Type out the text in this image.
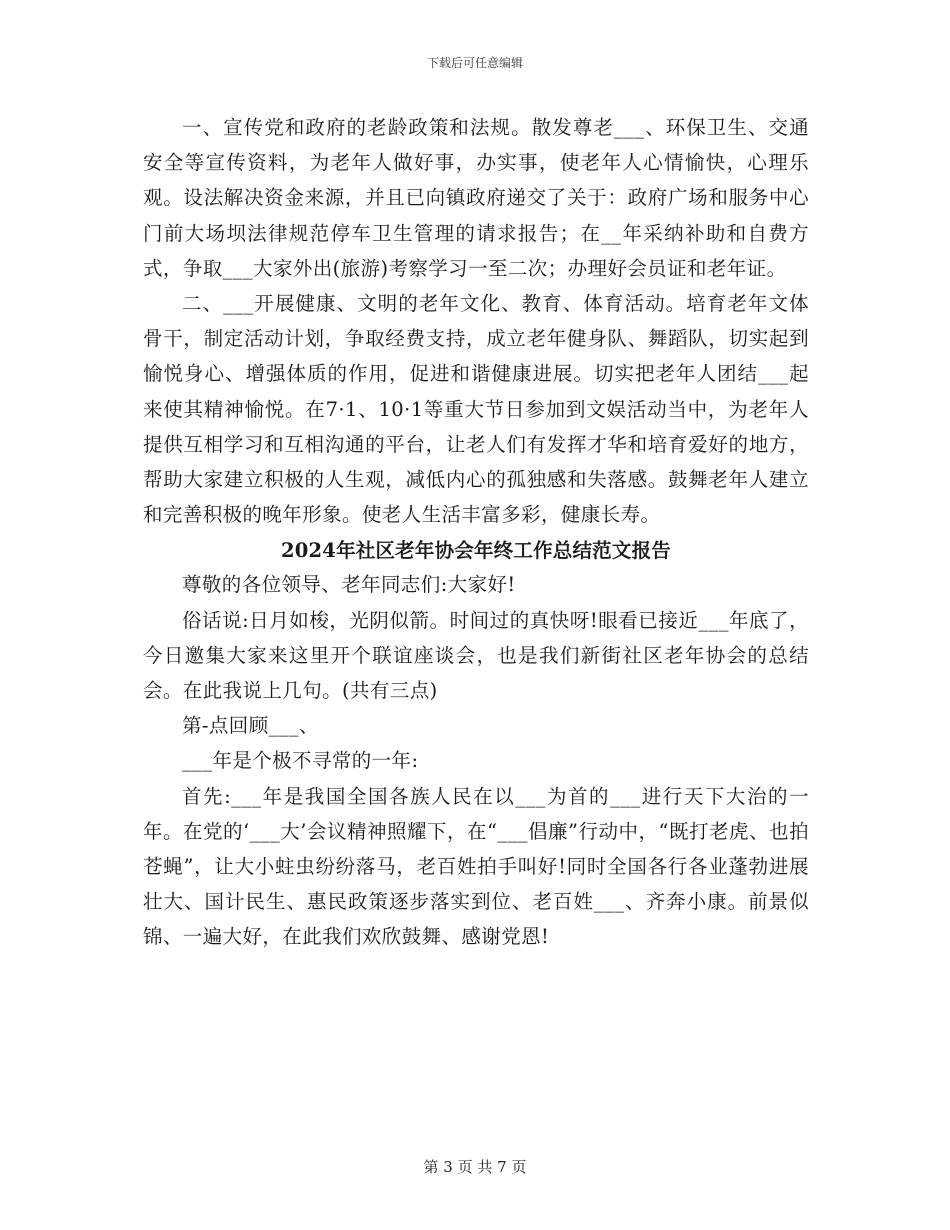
下载后可任意编辑

一、宣传党和政府的老龄政策和法规。散发尊老___、环保卫生、交通安全等宣传资料，为老年人做好事，办实事，使老年人心情愉快，心理乐观。设法解决资金来源，并且已向镇政府递交了关于：政府广场和服务中心门前大场坝法律规范停车卫生管理的请求报告；在__年采纳补助和自费方式，争取___大家外出(旅游)考察学习一至二次；办理好会员证和老年证。

二、___开展健康、文明的老年文化、教育、体育活动。培育老年文体骨干，制定活动计划，争取经费支持，成立老年健身队、舞蹈队，切实起到愉悦身心、增强体质的作用，促进和谐健康进展。切实把老年人团结___起来使其精神愉悦。在7·1、10·1等重大节日参加到文娱活动当中，为老年人提供互相学习和互相沟通的平台，让老人们有发挥才华和培育爱好的地方，帮助大家建立积极的人生观，减低内心的孤独感和失落感。鼓舞老年人建立和完善积极的晚年形象。使老人生活丰富多彩，健康长寿。

2024年社区老年协会年终工作总结范文报告

尊敬的各位领导、老年同志们:大家好!

俗话说:日月如梭，光阴似箭。时间过的真快呀!眼看已接近___年底了，今日邀集大家来这里开个联谊座谈会，也是我们新街社区老年协会的总结会。在此我说上几句。(共有三点)

第-点回顾___、

___年是个极不寻常的一年:

首先:___年是我国全国各族人民在以___为首的___进行天下大治的一年。在党的‘___大’会议精神照耀下，在“___倡廉”行动中，“既打老虎、也拍苍蝇”，让大小蛀虫纷纷落马，老百姓拍手叫好!同时全国各行各业蓬勃进展壮大、国计民生、惠民政策逐步落实到位、老百姓___、齐奔小康。前景似锦、一遍大好，在此我们欢欣鼓舞、感谢党恩!

第 3 页 共 7 页
